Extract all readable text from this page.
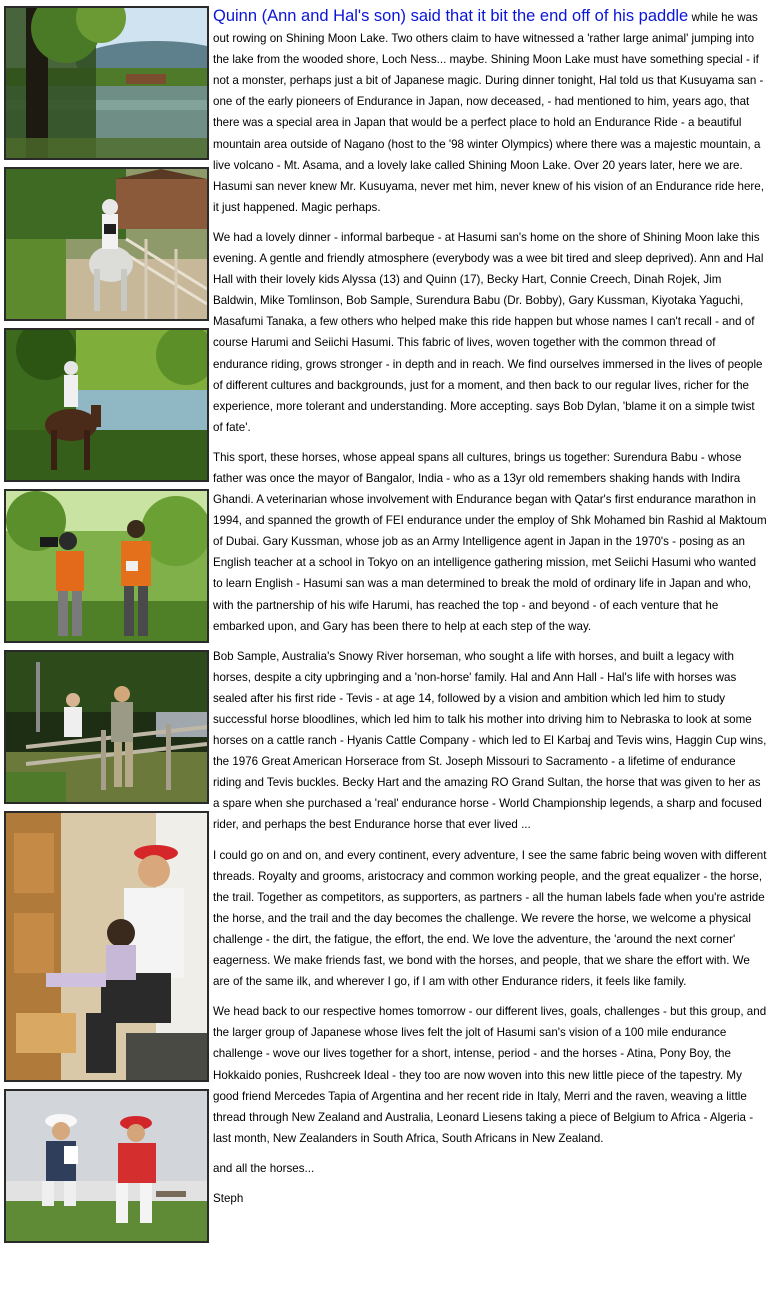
Quinn (Ann and Hal's son) said that it bit the end off of his paddle while he was out rowing on Shining Moon Lake. Two others claim to have witnessed a 'rather large animal' jumping into the lake from the wooded shore, Loch Ness... maybe. Shining Moon Lake must have something special - if not a monster, perhaps just a bit of Japanese magic. During dinner tonight, Hal told us that Kusuyama san - one of the early pioneers of Endurance in Japan, now deceased, - had mentioned to him, years ago, that there was a special area in Japan that would be a perfect place to hold an Endurance Ride - a beautiful mountain area outside of Nagano (host to the '98 winter Olympics) where there was a majestic mountain, a live volcano - Mt. Asama, and a lovely lake called Shining Moon Lake. Over 20 years later, here we are. Hasumi san never knew Mr. Kusuyama, never met him, never knew of his vision of an Endurance ride here, it just happened. Magic perhaps.

We had a lovely dinner - informal barbeque - at Hasumi san's home on the shore of Shining Moon lake this evening. A gentle and friendly atmosphere (everybody was a wee bit tired and sleep deprived). Ann and Hal Hall with their lovely kids Alyssa (13) and Quinn (17), Becky Hart, Connie Creech, Dinah Rojek, Jim Baldwin, Mike Tomlinson, Bob Sample, Surendura Babu (Dr. Bobby), Gary Kussman, Kiyotaka Yaguchi, Masafumi Tanaka, a few others who helped make this ride happen but whose names I can't recall - and of course Harumi and Seiichi Hasumi. This fabric of lives, woven together with the common thread of endurance riding, grows stronger - in depth and in reach. We find ourselves immersed in the lives of people of different cultures and backgrounds, just for a moment, and then back to our regular lives, richer for the experience, more tolerant and understanding. More accepting. says Bob Dylan, 'blame it on a simple twist of fate'.

This sport, these horses, whose appeal spans all cultures, brings us together: Surendura Babu - whose father was once the mayor of Bangalor, India - who as a 13yr old remembers shaking hands with Indira Ghandi. A veterinarian whose involvement with Endurance began with Qatar's first endurance marathon in 1994, and spanned the growth of FEI endurance under the employ of Shk Mohamed bin Rashid al Maktoum of Dubai. Gary Kussman, whose job as an Army Intelligence agent in Japan in the 1970's - posing as an English teacher at a school in Tokyo on an intelligence gathering mission, met Seiichi Hasumi who wanted to learn English - Hasumi san was a man determined to break the mold of ordinary life in Japan and who, with the partnership of his wife Harumi, has reached the top - and beyond - of each venture that he embarked upon, and Gary has been there to help at each step of the way.

Bob Sample, Australia's Snowy River horseman, who sought a life with horses, and built a legacy with horses, despite a city upbringing and a 'non-horse' family. Hal and Ann Hall - Hal's life with horses was sealed after his first ride - Tevis - at age 14, followed by a vision and ambition which led him to study successful horse bloodlines, which led him to talk his mother into driving him to Nebraska to look at some horses on a cattle ranch - Hyanis Cattle Company - which led to El Karbaj and Tevis wins, Haggin Cup wins, the 1976 Great American Horserace from St. Joseph Missouri to Sacramento - a lifetime of endurance riding and Tevis buckles. Becky Hart and the amazing RO Grand Sultan, the horse that was given to her as a spare when she purchased a 'real' endurance horse - World Championship legends, a sharp and focused rider, and perhaps the best Endurance horse that ever lived ...

I could go on and on, and every continent, every adventure, I see the same fabric being woven with different threads. Royalty and grooms, aristocracy and common working people, and the great equalizer - the horse, the trail. Together as competitors, as supporters, as partners - all the human labels fade when you're astride the horse, and the trail and the day becomes the challenge. We revere the horse, we welcome a physical challenge - the dirt, the fatigue, the effort, the end. We love the adventure, the 'around the next corner' eagerness. We make friends fast, we bond with the horses, and people, that we share the effort with. We are of the same ilk, and wherever I go, if I am with other Endurance riders, it feels like family.

We head back to our respective homes tomorrow - our different lives, goals, challenges - but this group, and the larger group of Japanese whose lives felt the jolt of Hasumi san's vision of a 100 mile endurance challenge - wove our lives together for a short, intense, period - and the horses - Atina, Pony Boy, the Hokkaido ponies, Rushcreek Ideal - they too are now woven into this new little piece of the tapestry. My good friend Mercedes Tapia of Argentina and her recent ride in Italy, Merri and the raven, weaving a little thread through New Zealand and Australia, Leonard Liesens taking a piece of Belgium to Africa - Algeria - last month, New Zealanders in South Africa, South Africans in New Zealand.

and all the horses...

Steph
